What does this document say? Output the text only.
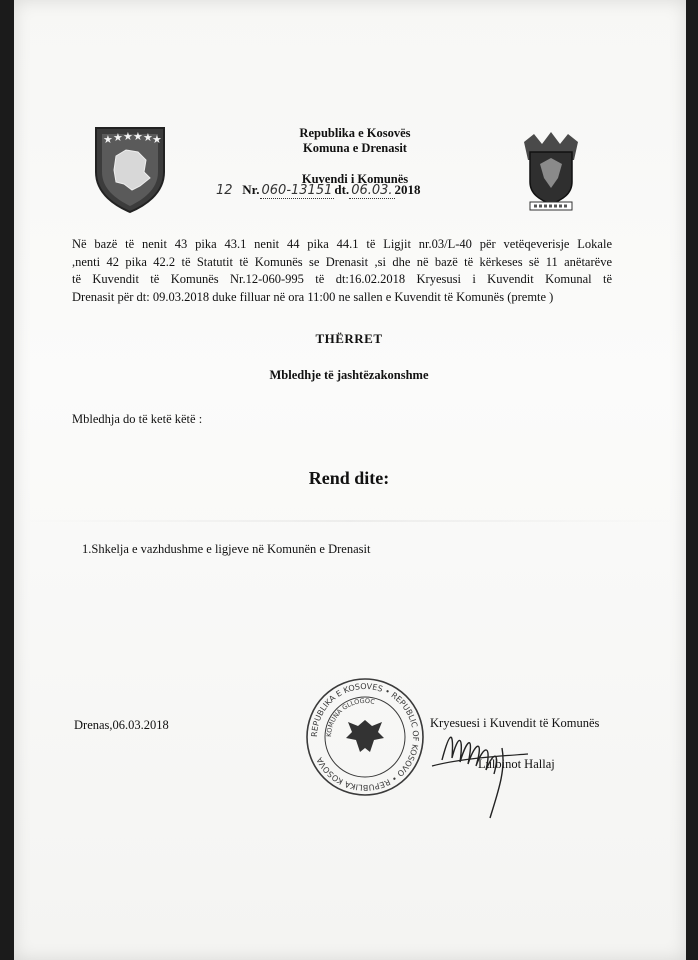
★ ★ ★ ★ ★ ★	Republika e Kosovës
Komuna e Drenasit
Kuvendi i Komunës
12 Nr. 060-13151 dt. 06.03. 2018
Në bazë të nenit 43 pika 43.1 nenit 44 pika 44.1 të Ligjit nr.03/L-40 për vetëqeverisje Lokale
,nenti 42 pika 42.2 të Statutit të Komunës se Drenasit ,si dhe në bazë të kërkeses së 11 anëtarëve
të Kuvendit të Komunës Nr.12-060-995 të dt:16.02.2018 Kryesusi i Kuvendit Komunal të
Drenasit për dt: 09.03.2018 duke filluar në ora 11:00 ne sallen e Kuvendit të Komunës (premte )
THËRRET
Mbledhje të jashtëzakonshme
Mbledhja do të ketë këtë :
Rend dite:
1.Shkelja e vazhdushme e ligjeve në Komunën e Drenasit
Drenas,06.03.2018
REPUBLIKA E KOSOVES • REPUBLIC OF KOSOVO • REPUBLIKA KOSOVA
KOMUNA GLLOGOC
Kryesuesi i Kuvendit të Komunës
Lulbinot Hallaj
